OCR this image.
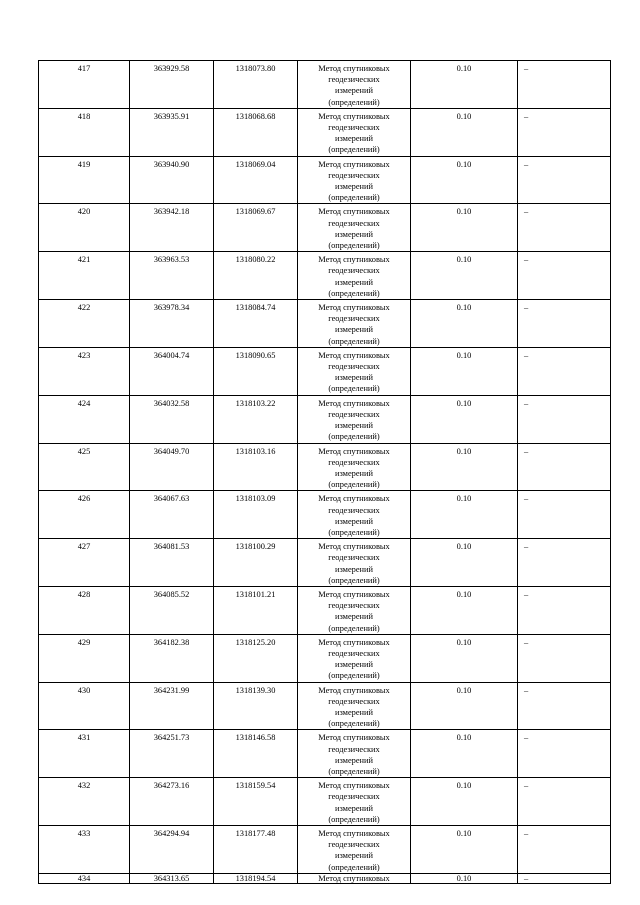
417	363929.58	1318073.80	Метод спутниковых
геодезических
измерений
(определений)	0.10	–
418	363935.91	1318068.68	Метод спутниковых
геодезических
измерений
(определений)	0.10	–
419	363940.90	1318069.04	Метод спутниковых
геодезических
измерений
(определений)	0.10	–
420	363942.18	1318069.67	Метод спутниковых
геодезических
измерений
(определений)	0.10	–
421	363963.53	1318080.22	Метод спутниковых
геодезических
измерений
(определений)	0.10	–
422	363978.34	1318084.74	Метод спутниковых
геодезических
измерений
(определений)	0.10	–
423	364004.74	1318090.65	Метод спутниковых
геодезических
измерений
(определений)	0.10	–
424	364032.58	1318103.22	Метод спутниковых
геодезических
измерений
(определений)	0.10	–
425	364049.70	1318103.16	Метод спутниковых
геодезических
измерений
(определений)	0.10	–
426	364067.63	1318103.09	Метод спутниковых
геодезических
измерений
(определений)	0.10	–
427	364081.53	1318100.29	Метод спутниковых
геодезических
измерений
(определений)	0.10	–
428	364085.52	1318101.21	Метод спутниковых
геодезических
измерений
(определений)	0.10	–
429	364182.38	1318125.20	Метод спутниковых
геодезических
измерений
(определений)	0.10	–
430	364231.99	1318139.30	Метод спутниковых
геодезических
измерений
(определений)	0.10	–
431	364251.73	1318146.58	Метод спутниковых
геодезических
измерений
(определений)	0.10	–
432	364273.16	1318159.54	Метод спутниковых
геодезических
измерений
(определений)	0.10	–
433	364294.94	1318177.48	Метод спутниковых
геодезических
измерений
(определений)	0.10	–
434	364313.65	1318194.54	Метод спутниковых	0.10	–
